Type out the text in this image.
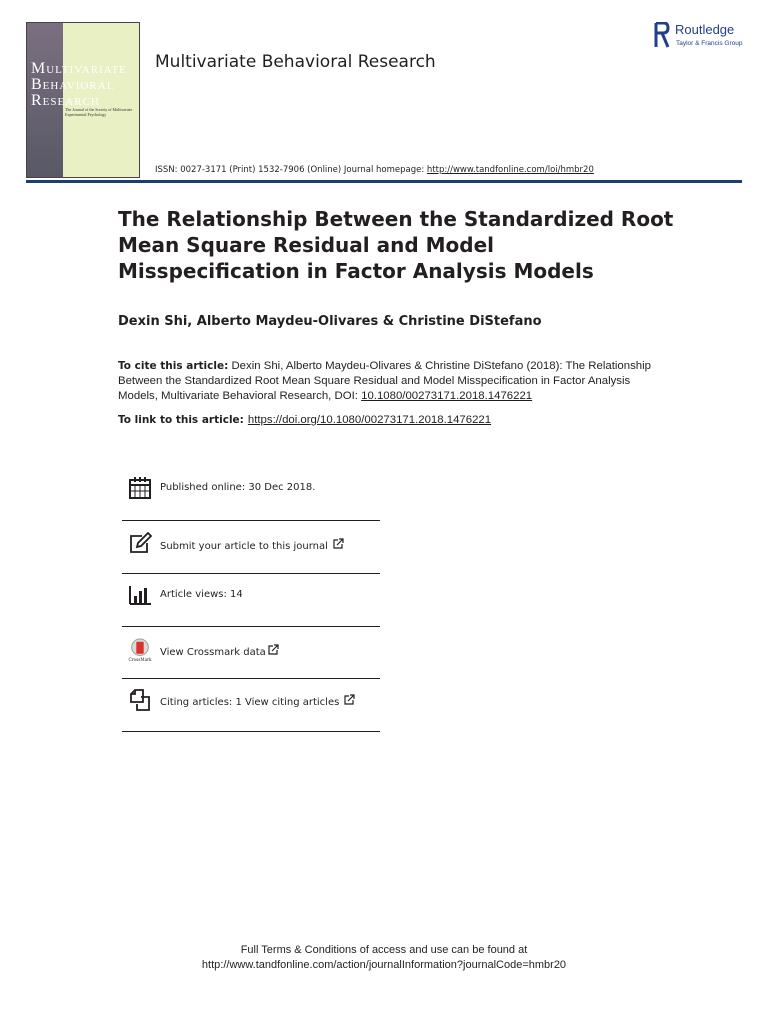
MULTIVARIATE
BEHAVIORAL
RESEARCH
The Journal of the Society of Multivariate Experimental Psychology
Multivariate Behavioral Research
ISSN: 0027-3171 (Print) 1532-7906 (Online) Journal homepage: http://www.tandfonline.com/loi/hmbr20
Routledge
Taylor & Francis Group
The Relationship Between the Standardized Root Mean Square Residual and Model Misspecification in Factor Analysis Models
Dexin Shi, Alberto Maydeu-Olivares & Christine DiStefano
To cite this article: Dexin Shi, Alberto Maydeu-Olivares & Christine DiStefano (2018): The Relationship Between the Standardized Root Mean Square Residual and Model Misspecification in Factor Analysis Models, Multivariate Behavioral Research, DOI: 10.1080/00273171.2018.1476221
To link to this article: https://doi.org/10.1080/00273171.2018.1476221
Published online: 30 Dec 2018.
Submit your article to this journal
Article views: 14
CrossMark
View Crossmark data
Citing articles: 1 View citing articles
Full Terms & Conditions of access and use can be found at
http://www.tandfonline.com/action/journalInformation?journalCode=hmbr20
